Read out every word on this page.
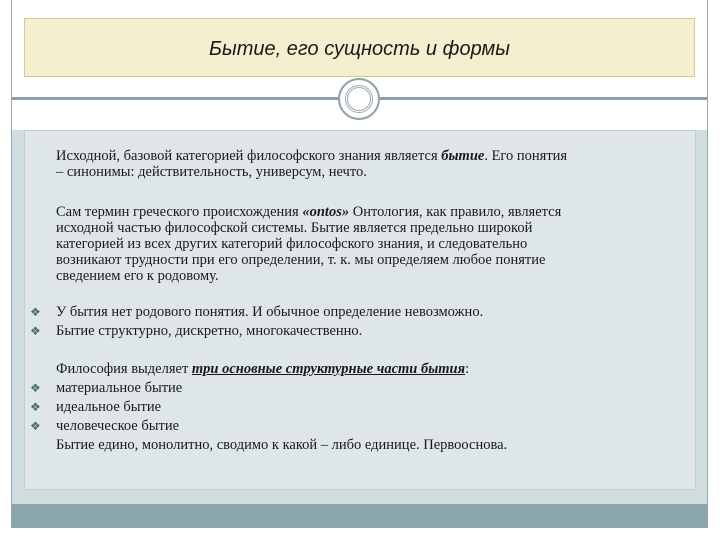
Бытие, его сущность и формы
Исходной, базовой категорией философского знания является бытие. Его понятия
– синонимы: действительность, универсум, нечто.
Сам термин греческого происхождения «ontos» Онтология, как правило, является
исходной частью философской системы. Бытие является предельно широкой
категорией из всех других категорий философского знания, и следовательно
возникают трудности при его определении, т. к. мы определяем любое понятие
сведением его к родовому.
❖ У бытия нет родового понятия. И обычное определение невозможно.
❖ Бытие структурно, дискретно, многокачественно.
Философия выделяет три основные структурные части бытия:
❖ материальное бытие
❖ идеальное бытие
❖ человеческое бытие
Бытие едино, монолитно, сводимо к какой – либо единице. Первооснова.
